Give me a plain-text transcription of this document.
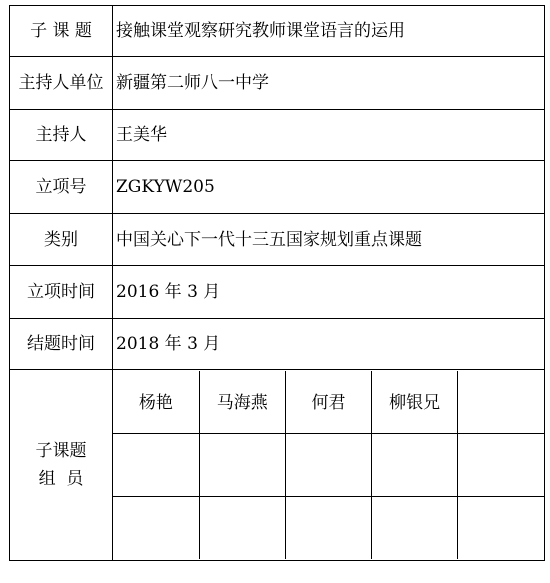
子 课 题	接触课堂观察研究教师课堂语言的运用
主持人单位	新疆第二师八一中学
主持人	王美华
立项号	ZGKYW205
类别	中国关心下一代十三五国家规划重点课题
立项时间	2016 年 3 月
结题时间	2018 年 3 月

子课题
组  员

杨艳	马海燕	何君	柳银兄	
